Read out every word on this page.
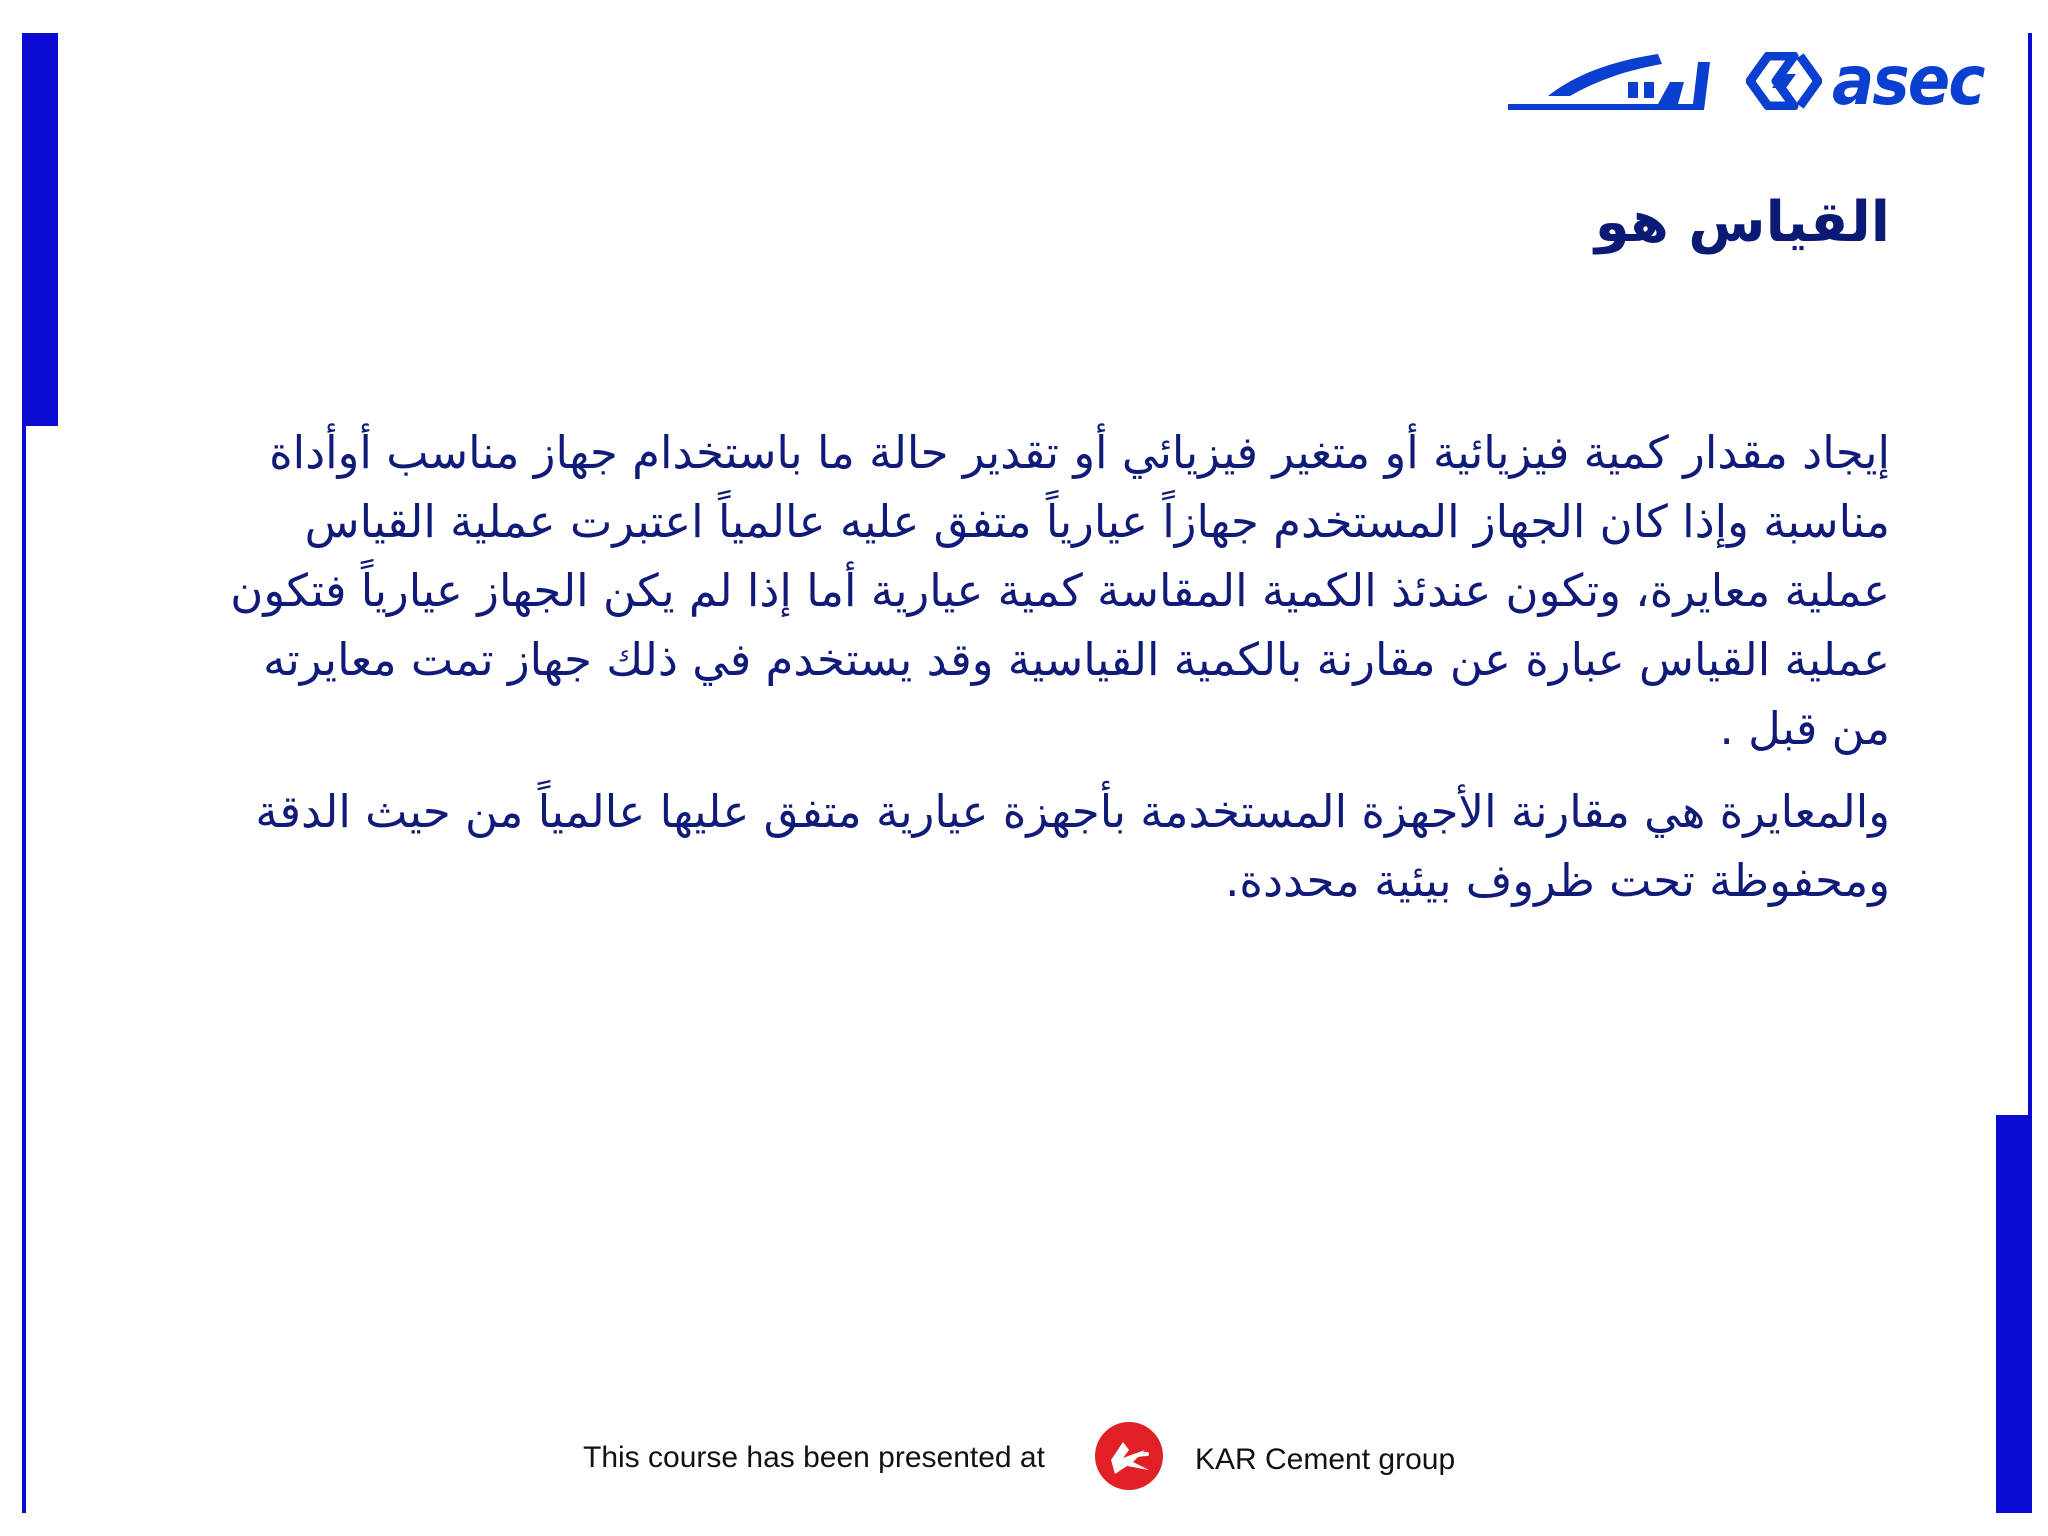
asec
القياس هو

إيجاد مقدار كمية فيزيائية أو متغير فيزيائي أو تقدير حالة ما باستخدام جهاز مناسب أوأداة مناسبة وإذا كان الجهاز المستخدم جهازاً عيارياً متفق عليه عالمياً اعتبرت عملية القياس عملية معايرة، وتكون عندئذ الكمية المقاسة كمية عيارية أما إذا لم يكن الجهاز عيارياً فتكون عملية القياس عبارة عن مقارنة بالكمية القياسية وقد يستخدم في ذلك جهاز تمت معايرته من قبل .

والمعايرة هي مقارنة الأجهزة المستخدمة بأجهزة عيارية متفق عليها عالمياً من حيث الدقة ومحفوظة تحت ظروف بيئية محددة.

This course has been presented at	KAR Cement group
